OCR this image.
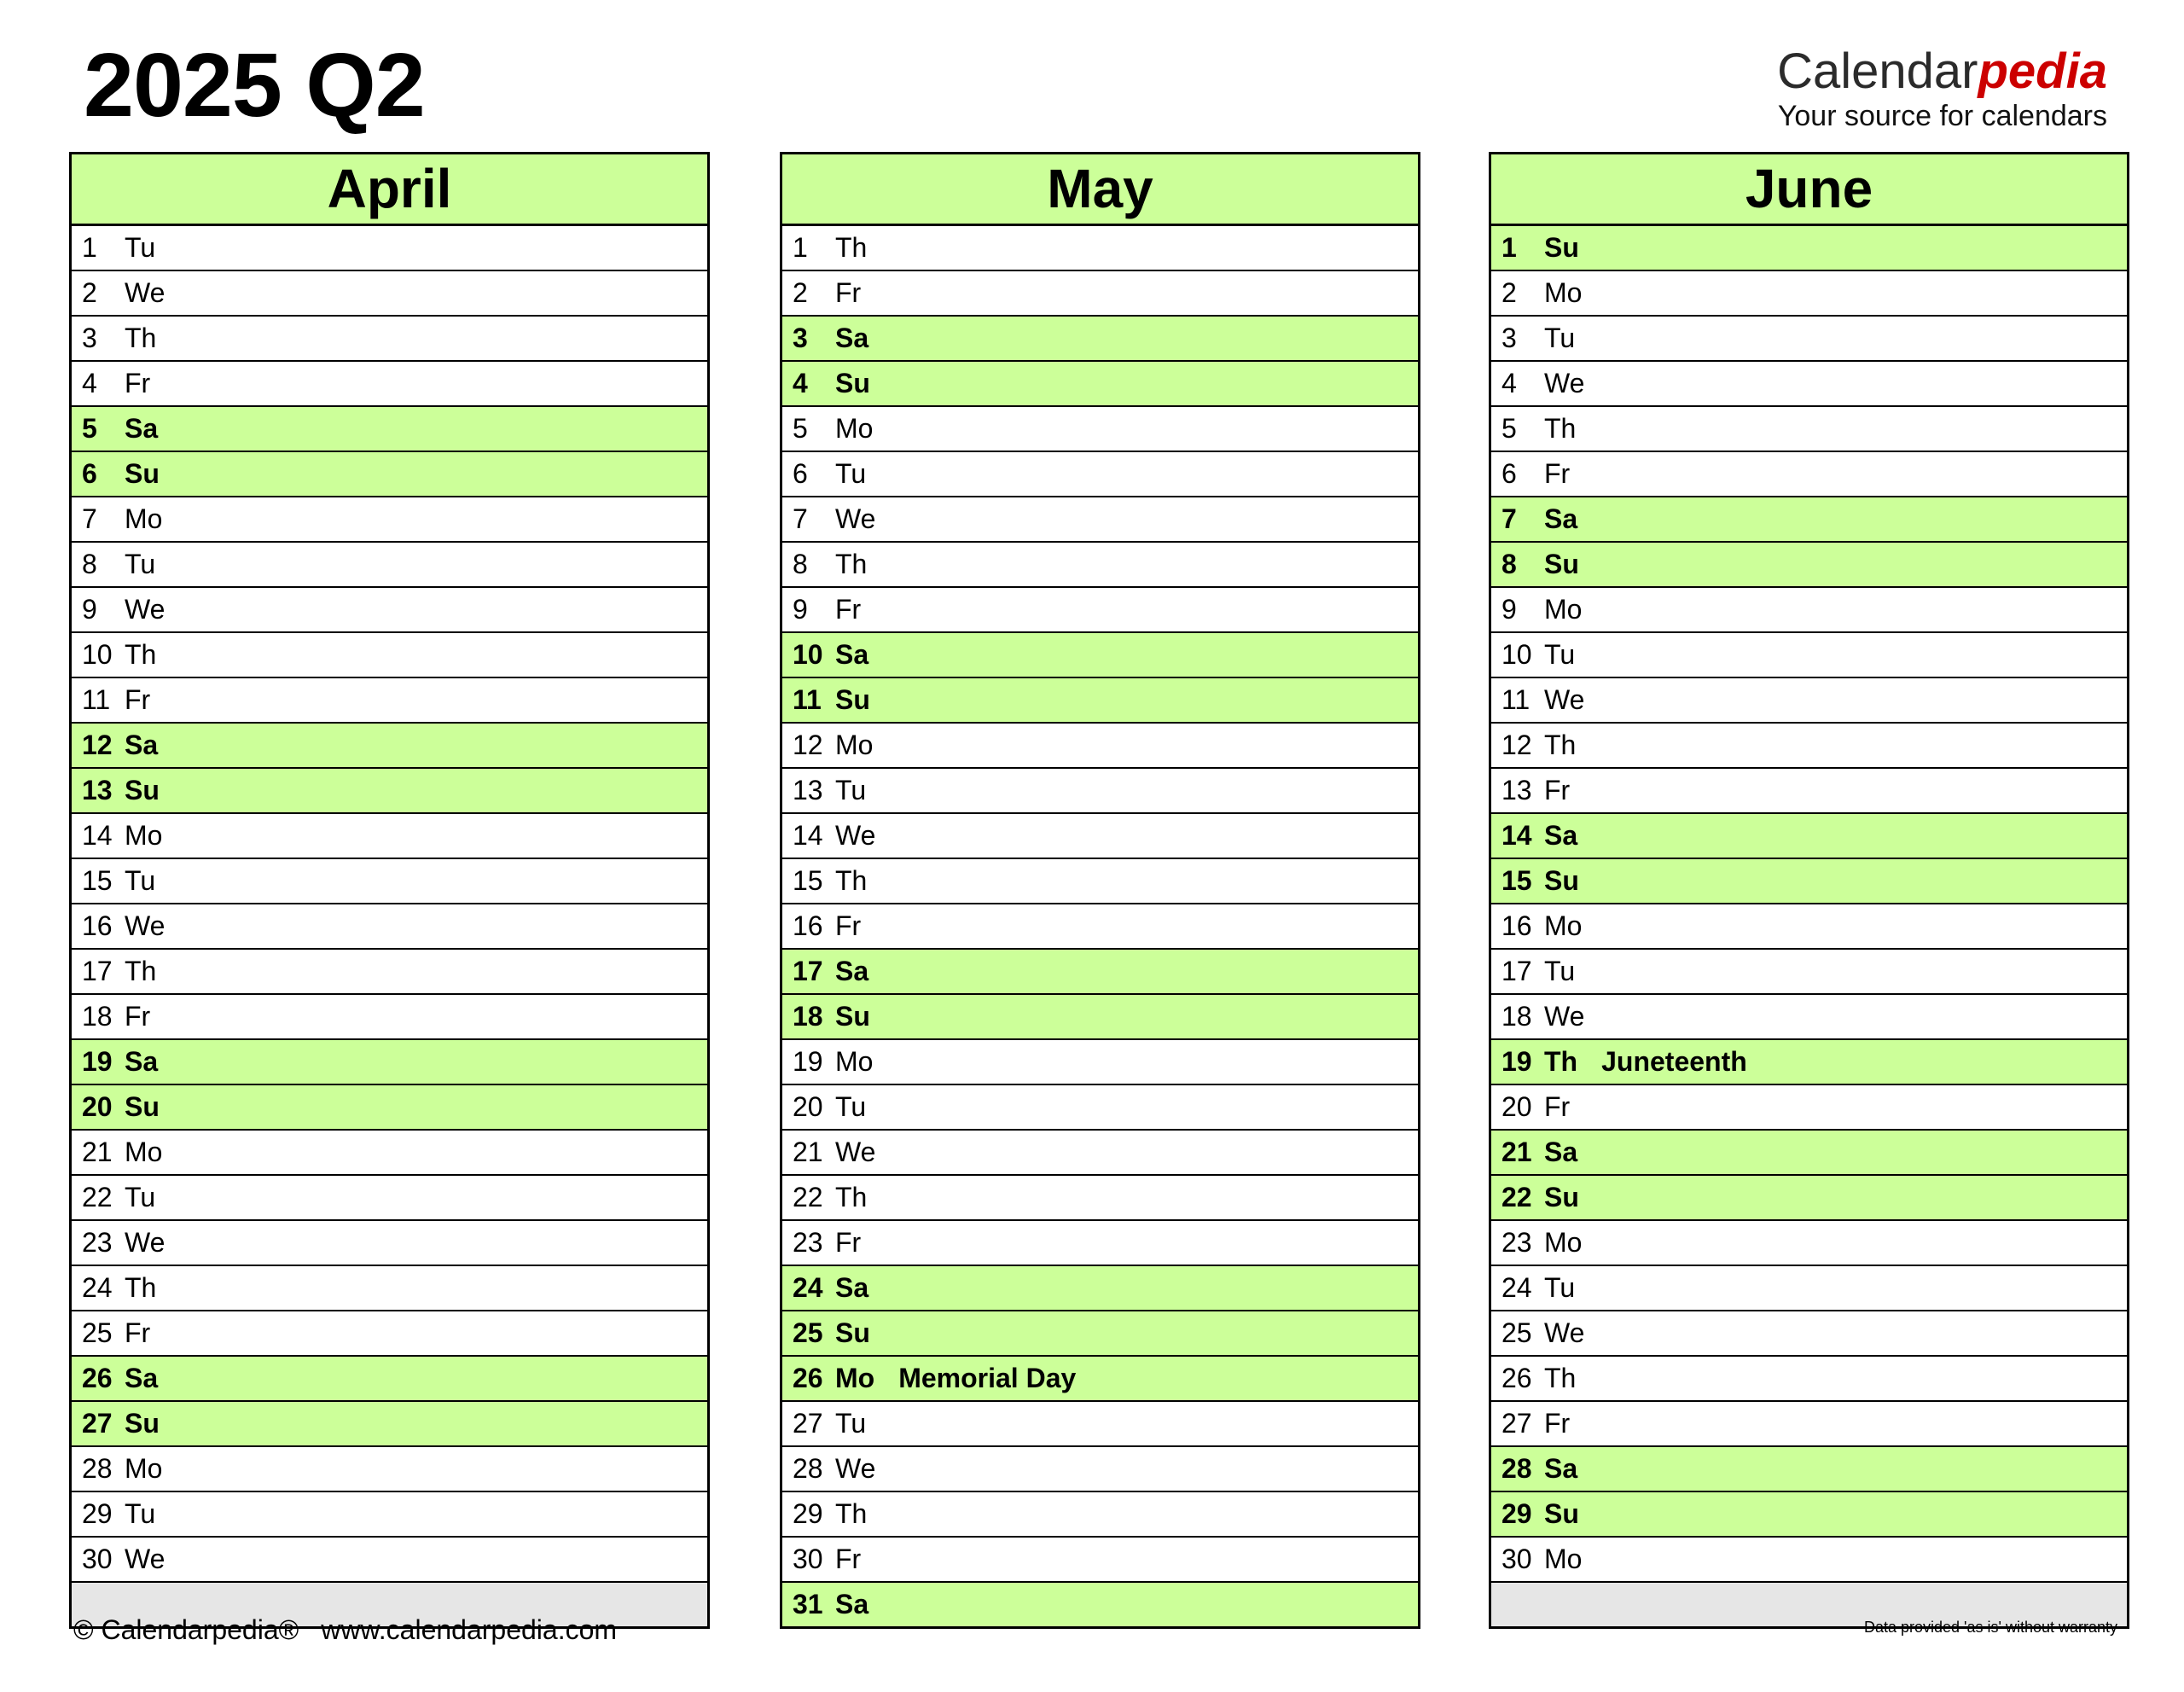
2025 Q2	Calendarpedia
Your source for calendars
April
1	Tu
2	We
3	Th
4	Fr
5	Sa
6	Su
7	Mo
8	Tu
9	We
10 Th
11 Fr
12 Sa
13 Su
14 Mo
15 Tu
16 We
17 Th
18 Fr
19 Sa
20 Su
21 Mo
22 Tu
23 We
24 Th
25 Fr
26 Sa
27 Su
28 Mo
29 Tu
30 We
May
1	Th
2	Fr
3	Sa
4	Su
5	Mo
6	Tu
7	We
8	Th
9	Fr
10 Sa
11 Su
12 Mo
13 Tu
14 We
15 Th
16 Fr
17 Sa
18 Su
19 Mo
20 Tu
21 We
22 Th
23 Fr
24 Sa
25 Su
26 Mo Memorial Day
27 Tu
28 We
29 Th
30 Fr
31 Sa
June
1	Su
2	Mo
3	Tu
4	We
5	Th
6	Fr
7	Sa
8	Su
9	Mo
10 Tu
11 We
12 Th
13 Fr
14 Sa
15 Su
16 Mo
17 Tu
18 We
19 Th Juneteenth
20 Fr
21 Sa
22 Su
23 Mo
24 Tu
25 We
26 Th
27 Fr
28 Sa
29 Su
30 Mo
© Calendarpedia® www.calendarpedia.com	Data provided 'as is' without warranty
